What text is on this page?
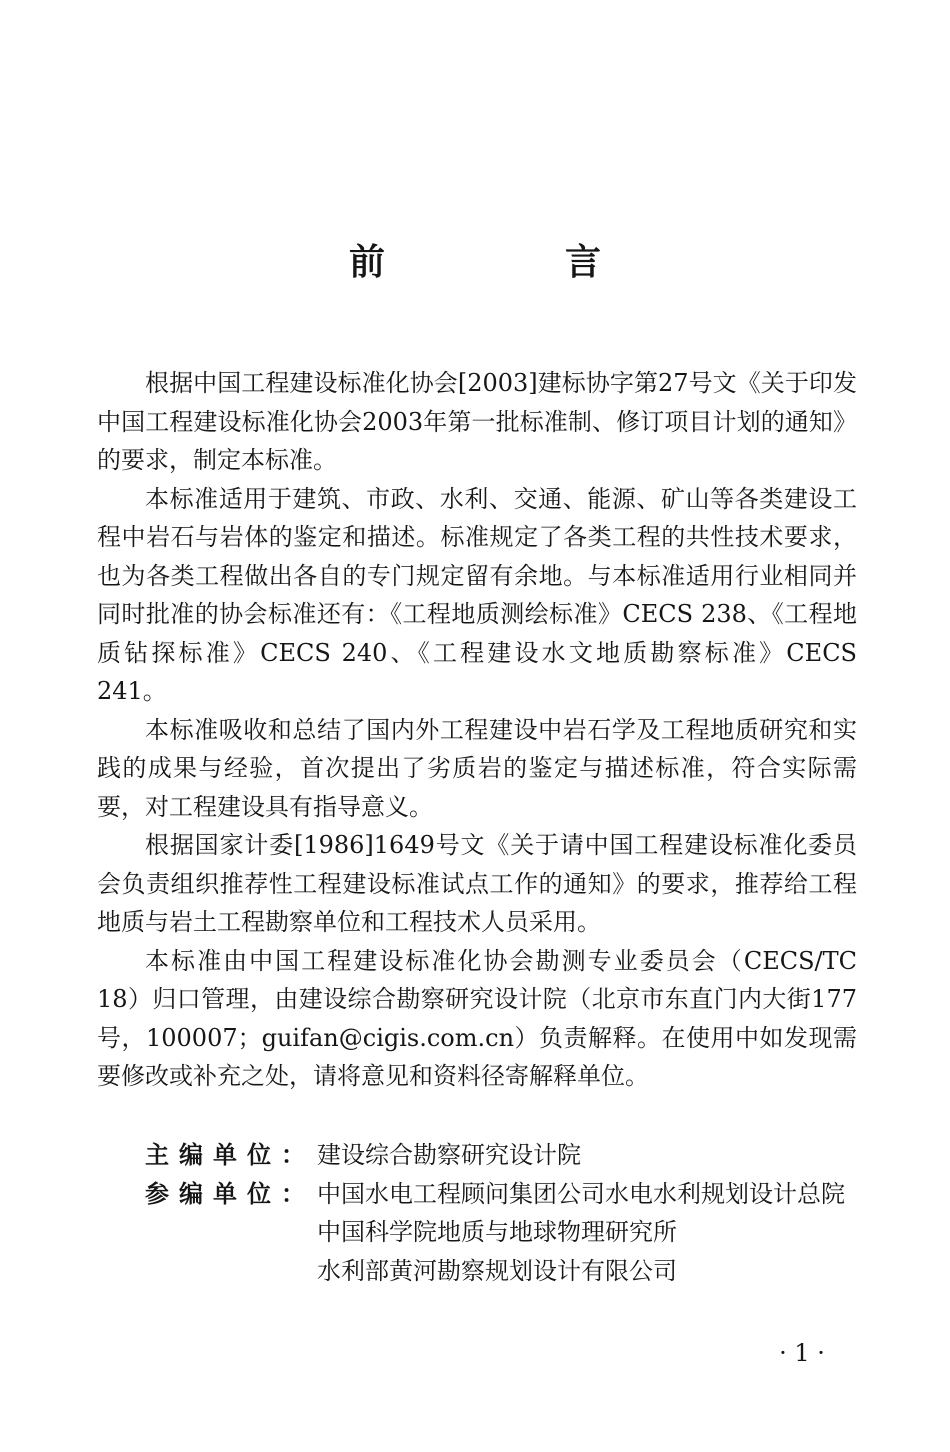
前　言

根据中国工程建设标准化协会[2003]建标协字第27号文《关于印发中国工程建设标准化协会2003年第一批标准制、修订项目计划的通知》的要求，制定本标准。

本标准适用于建筑、市政、水利、交通、能源、矿山等各类建设工程中岩石与岩体的鉴定和描述。标准规定了各类工程的共性技术要求，也为各类工程做出各自的专门规定留有余地。与本标准适用行业相同并同时批准的协会标准还有：《工程地质测绘标准》CECS 238、《工程地质钻探标准》CECS 240、《工程建设水文地质勘察标准》CECS 241。

本标准吸收和总结了国内外工程建设中岩石学及工程地质研究和实践的成果与经验，首次提出了劣质岩的鉴定与描述标准，符合实际需要，对工程建设具有指导意义。

根据国家计委[1986]1649号文《关于请中国工程建设标准化委员会负责组织推荐性工程建设标准试点工作的通知》的要求，推荐给工程地质与岩土工程勘察单位和工程技术人员采用。

本标准由中国工程建设标准化协会勘测专业委员会（CECS/TC 18）归口管理，由建设综合勘察研究设计院（北京市东直门内大街177号，100007；guifan@cigis.com.cn）负责解释。在使用中如发现需要修改或补充之处，请将意见和资料径寄解释单位。

主编单位： 建设综合勘察研究设计院
参编单位： 中国水电工程顾问集团公司水电水利规划设计总院
中国科学院地质与地球物理研究所
水利部黄河勘察规划设计有限公司
· 1 ·
